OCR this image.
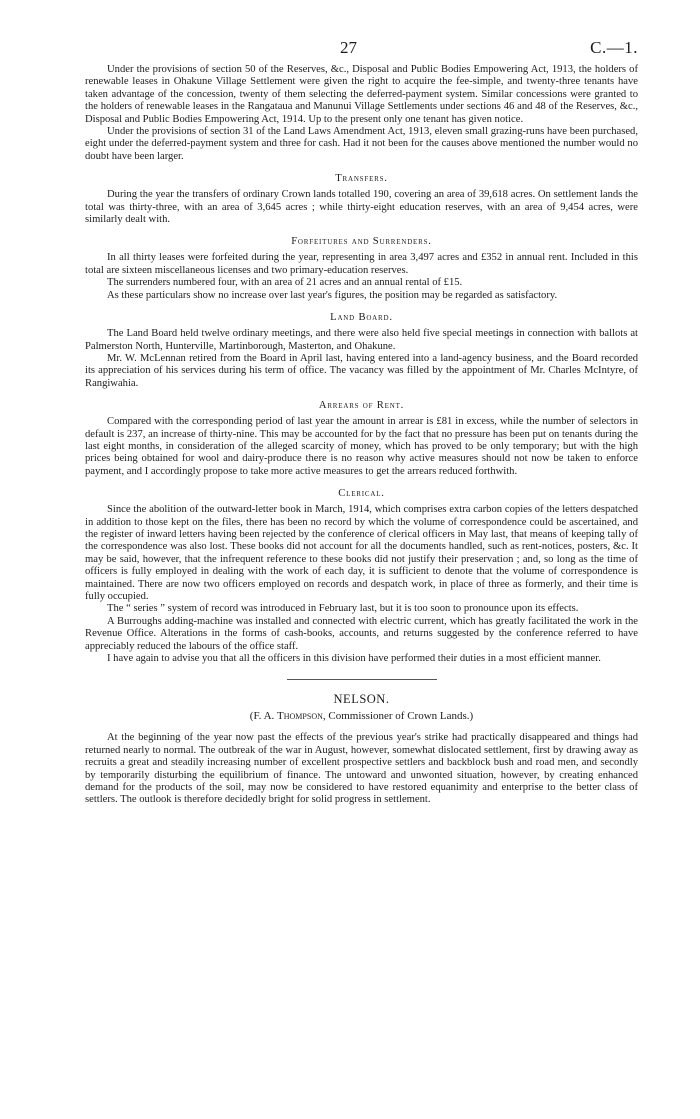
27	C.—1.

Under the provisions of section 50 of the Reserves, &c., Disposal and Public Bodies Empowering Act, 1913, the holders of renewable leases in Ohakune Village Settlement were given the right to acquire the fee-simple, and twenty-three tenants have taken advantage of the concession, twenty of them selecting the deferred-payment system. Similar concessions were granted to the holders of renewable leases in the Rangataua and Manunui Village Settlements under sections 46 and 48 of the Reserves, &c., Disposal and Public Bodies Empowering Act, 1914. Up to the present only one tenant has given notice.

Under the provisions of section 31 of the Land Laws Amendment Act, 1913, eleven small grazing-runs have been purchased, eight under the deferred-payment system and three for cash. Had it not been for the causes above mentioned the number would no doubt have been larger.

Transfers.

During the year the transfers of ordinary Crown lands totalled 190, covering an area of 39,618 acres. On settlement lands the total was thirty-three, with an area of 3,645 acres ; while thirty-eight education reserves, with an area of 9,454 acres, were similarly dealt with.

Forfeitures and Surrenders.

In all thirty leases were forfeited during the year, representing in area 3,497 acres and £352 in annual rent. Included in this total are sixteen miscellaneous licenses and two primary-education reserves.

The surrenders numbered four, with an area of 21 acres and an annual rental of £15.

As these particulars show no increase over last year's figures, the position may be regarded as satisfactory.

Land Board.

The Land Board held twelve ordinary meetings, and there were also held five special meetings in connection with ballots at Palmerston North, Hunterville, Martinborough, Masterton, and Ohakune.

Mr. W. McLennan retired from the Board in April last, having entered into a land-agency business, and the Board recorded its appreciation of his services during his term of office. The vacancy was filled by the appointment of Mr. Charles McIntyre, of Rangiwahia.

Arrears of Rent.

Compared with the corresponding period of last year the amount in arrear is £81 in excess, while the number of selectors in default is 237, an increase of thirty-nine. This may be accounted for by the fact that no pressure has been put on tenants during the last eight months, in consideration of the alleged scarcity of money, which has proved to be only temporary; but with the high prices being obtained for wool and dairy-produce there is no reason why active measures should not now be taken to enforce payment, and I accordingly propose to take more active measures to get the arrears reduced forthwith.

Clerical.

Since the abolition of the outward-letter book in March, 1914, which comprises extra carbon copies of the letters despatched in addition to those kept on the files, there has been no record by which the volume of correspondence could be ascertained, and the register of inward letters having been rejected by the conference of clerical officers in May last, that means of keeping tally of the correspondence was also lost. These books did not account for all the documents handled, such as rent-notices, posters, &c. It may be said, however, that the infrequent reference to these books did not justify their preservation ; and, so long as the time of officers is fully employed in dealing with the work of each day, it is sufficient to denote that the volume of correspondence is maintained. There are now two officers employed on records and despatch work, in place of three as formerly, and their time is fully occupied.

The “ series ” system of record was introduced in February last, but it is too soon to pronounce upon its effects.

A Burroughs adding-machine was installed and connected with electric current, which has greatly facilitated the work in the Revenue Office. Alterations in the forms of cash-books, accounts, and returns suggested by the conference referred to have appreciably reduced the labours of the office staff.

I have again to advise you that all the officers in this division have performed their duties in a most efficient manner.

NELSON.
(F. A. Thompson, Commissioner of Crown Lands.)

At the beginning of the year now past the effects of the previous year's strike had practically disappeared and things had returned nearly to normal. The outbreak of the war in August, however, somewhat dislocated settlement, first by drawing away as recruits a great and steadily increasing number of excellent prospective settlers and backblock bush and road men, and secondly by temporarily disturbing the equilibrium of finance. The untoward and unwonted situation, however, by creating enhanced demand for the products of the soil, may now be considered to have restored equanimity and enterprise to the better class of settlers. The outlook is therefore decidedly bright for solid progress in settlement.
